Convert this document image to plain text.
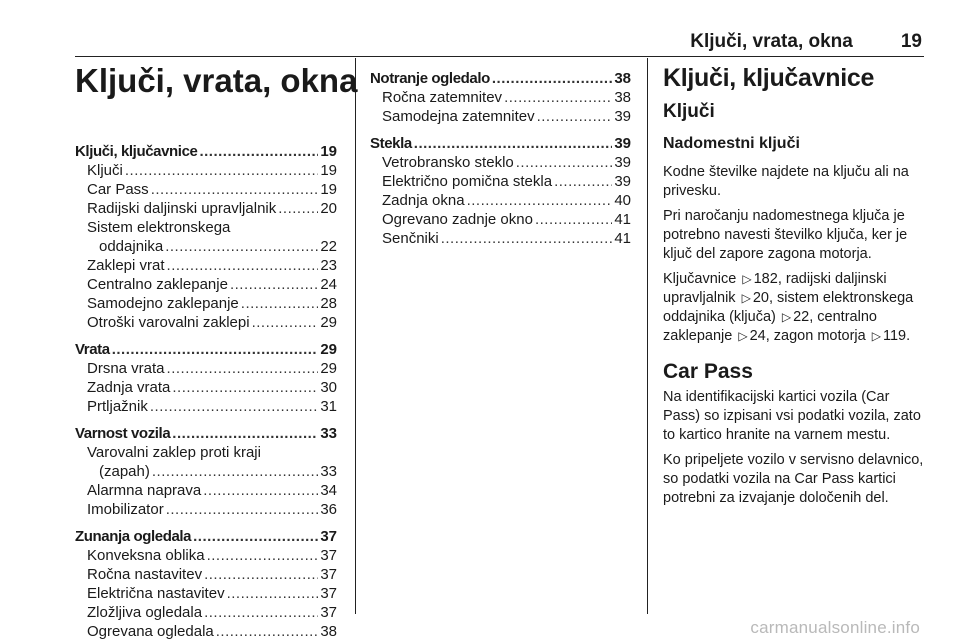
Ključi, vrata, okna	19
Ključi, vrata, okna
Ključi, ključavnice .....	19
Ključi .....	19
Car Pass .....	19
Radijski daljinski upravljalnik .....	20
Sistem elektronskega
oddajnika .....	22
Zaklepi vrat .....	23
Centralno zaklepanje .....	24
Samodejno zaklepanje .....	28
Otroški varovalni zaklepi .....	29
Vrata .....	29
Drsna vrata .....	29
Zadnja vrata .....	30
Prtljažnik .....	31
Varnost vozila .....	33
Varovalni zaklep proti kraji
(zapah) .....	33
Alarmna naprava .....	34
Imobilizator .....	36
Zunanja ogledala .....	37
Konveksna oblika .....	37
Ročna nastavitev .....	37
Električna nastavitev .....	37
Zložljiva ogledala .....	37
Ogrevana ogledala .....	38
Notranje ogledalo .....	38
Ročna zatemnitev .....	38
Samodejna zatemnitev .....	39
Stekla .....	39
Vetrobransko steklo .....	39
Električno pomična stekla .....	39
Zadnja okna .....	40
Ogrevano zadnje okno .....	41
Senčniki .....	41
Ključi, ključavnice
Ključi
Nadomestni ključi

Kodne številke najdete na ključu ali na privesku.

Pri naročanju nadomestnega ključa je potrebno navesti številko ključa, ker je ključ del zapore zagona motorja.

Ključavnice ▷ 182, radijski daljinski upravljalnik ▷ 20, sistem elektronskega oddajnika (ključa) ▷ 22, centralno zaklepanje ▷ 24, zagon motorja ▷ 119.

Car Pass

Na identifikacijski kartici vozila (Car Pass) so izpisani vsi podatki vozila, zato to kartico hranite na varnem mestu.

Ko pripeljete vozilo v servisno delavnico, so podatki vozila na Car Pass kartici potrebni za izvajanje določenih del.

carmanualsonline.info
